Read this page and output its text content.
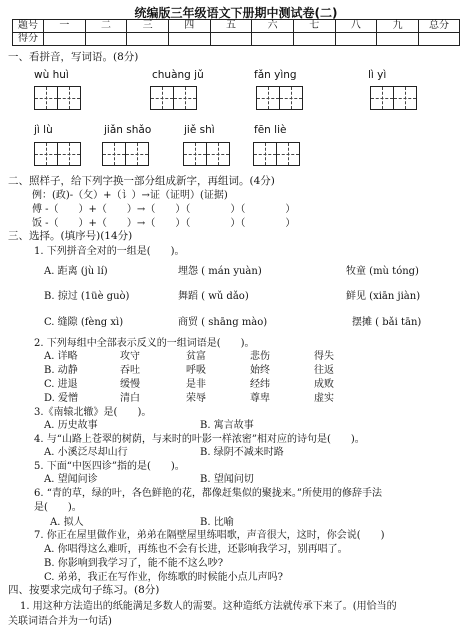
统编版三年级语文下册期中测试卷(二)
题号	一	二	三	四	五	六	七	八	九	总分
得分										
一、看拼音，写词语。(8分)
wù huì	chuàng jǔ	fǎn yìng	lì yì
jì lù	jiǎn shǎo	jiě shì	fēn liè
二、照样子，给下列字换一部分组成新字，再组词。(4分)
例：(政)-（攵）+（讠）→证（证明）(证据)
傅 -（　　）+（　　）→（　　）（　　　　）（　　　　）
饭 -（　　）+（　　）→（　　）（　　　　）（　　　　）
三、选择。(填序号)(14分)
1. 下列拼音全对的一组是(　　)。
A. 距离 (jù lí)	埋怨 ( mán yuàn)	牧童 (mù tóng)
B. 掠过 (1üè guò)	舞蹈 ( wǔ dǎo)	鲜见 (xiān jiàn)
C. 缝隙 (fèng xì)	商贸 ( shāng mào)	摆摊 ( bǎi tān)
2. 下列每组中全部表示反义的一组词语是(　　)。
A. 详略	攻守	贫富	悲伤	得失
B. 动静	吞吐	呼吸	始终	往返
C. 进退	缓慢	是非	经纬	成败
D. 爱憎	清白	荣辱	尊卑	虚实
3.《南辕北辙》是(　　)。
A. 历史故事	B. 寓言故事
4. 与“山路上苍翠的树荫，与来时的叶影一样浓密”相对应的诗句是(　　)。
A. 小溪泛尽却山行	B. 绿阴不减来时路
5. 下面“中医四诊”指的是(　　)。
A. 望闻问诊	B. 望闻问切
6. “青的草，绿的叶，各色鲜艳的花，都像赶集似的聚拢来。”所使用的修辞手法
是(　　)。
A. 拟人	B. 比喻
7. 你正在屋里做作业，弟弟在隔壁屋里练唱歌，声音很大，这时，你会说(　　)
A. 你唱得这么难听，再练也不会有长进，还影响我学习，别再唱了。
B. 你影响到我学习了，能不能不这么吵?
C. 弟弟，我正在写作业，你练歌的时候能小点儿声吗?
四、按要求完成句子练习。(8分)
1. 用这种方法造出的纸能满足多数人的需要。这种造纸方法就传承下来了。(用恰当的
关联词语合并为一句话)
